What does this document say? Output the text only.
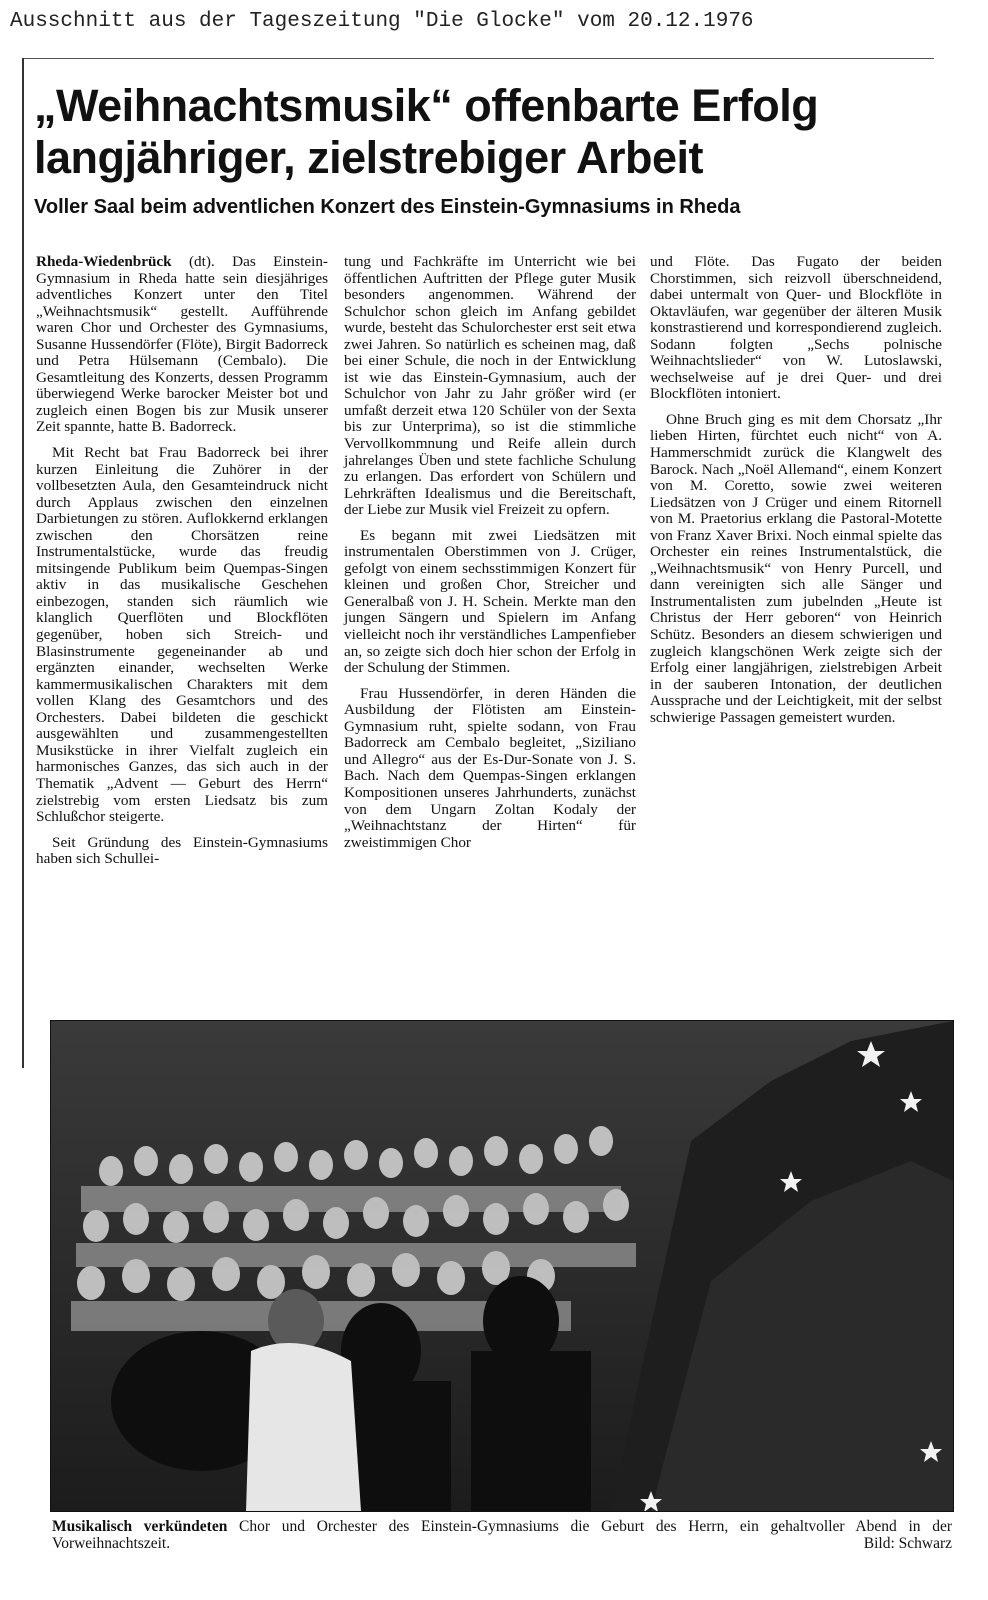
Ausschnitt aus der Tageszeitung "Die Glocke" vom 20.12.1976
„Weihnachtsmusik“ offenbarte Erfolg
langjähriger, zielstrebiger Arbeit
Voller Saal beim adventlichen Konzert des Einstein-Gymnasiums in Rheda

Rheda-Wiedenbrück (dt). Das Einstein-Gymnasium in Rheda hatte sein diesjähriges adventliches Konzert unter den Titel „Weihnachtsmusik“ gestellt. Aufführende waren Chor und Orchester des Gymnasiums, Susanne Hussendörfer (Flöte), Birgit Badorreck und Petra Hülsemann (Cembalo). Die Gesamtleitung des Konzerts, dessen Programm überwiegend Werke barocker Meister bot und zugleich einen Bogen bis zur Musik unserer Zeit spannte, hatte B. Badorreck.

Mit Recht bat Frau Badorreck bei ihrer kurzen Einleitung die Zuhörer in der vollbesetzten Aula, den Gesamteindruck nicht durch Applaus zwischen den einzelnen Darbietungen zu stören. Auflokkernd erklangen zwischen den Chorsätzen reine Instrumentalstücke, wurde das freudig mitsingende Publikum beim Quempas-Singen aktiv in das musikalische Geschehen einbezogen, standen sich räumlich wie klanglich Querflöten und Blockflöten gegenüber, hoben sich Streich- und Blasinstrumente gegeneinander ab und ergänzten einander, wechselten Werke kammermusikalischen Charakters mit dem vollen Klang des Gesamtchors und des Orchesters. Dabei bildeten die geschickt ausgewählten und zusammengestellten Musikstücke in ihrer Vielfalt zugleich ein harmonisches Ganzes, das sich auch in der Thematik „Advent — Geburt des Herrn“ zielstrebig vom ersten Liedsatz bis zum Schlußchor steigerte.

Seit Gründung des Einstein-Gymnasiums haben sich Schullei-

tung und Fachkräfte im Unterricht wie bei öffentlichen Auftritten der Pflege guter Musik besonders angenommen. Während der Schulchor schon gleich im Anfang gebildet wurde, besteht das Schulorchester erst seit etwa zwei Jahren. So natürlich es scheinen mag, daß bei einer Schule, die noch in der Entwicklung ist wie das Einstein-Gymnasium, auch der Schulchor von Jahr zu Jahr größer wird (er umfaßt derzeit etwa 120 Schüler von der Sexta bis zur Unterprima), so ist die stimmliche Vervollkommnung und Reife allein durch jahrelanges Üben und stete fachliche Schulung zu erlangen. Das erfordert von Schülern und Lehrkräften Idealismus und die Bereitschaft, der Liebe zur Musik viel Freizeit zu opfern.

Es begann mit zwei Liedsätzen mit instrumentalen Oberstimmen von J. Crüger, gefolgt von einem sechsstimmigen Konzert für kleinen und großen Chor, Streicher und Generalbaß von J. H. Schein. Merkte man den jungen Sängern und Spielern im Anfang vielleicht noch ihr verständliches Lampenfieber an, so zeigte sich doch hier schon der Erfolg in der Schulung der Stimmen.

Frau Hussendörfer, in deren Händen die Ausbildung der Flötisten am Einstein-Gymnasium ruht, spielte sodann, von Frau Badorreck am Cembalo begleitet, „Siziliano und Allegro“ aus der Es-Dur-Sonate von J. S. Bach. Nach dem Quempas-Singen erklangen Kompositionen unseres Jahrhunderts, zunächst von dem Ungarn Zoltan Kodaly der „Weihnachtstanz der Hirten“ für zweistimmigen Chor

und Flöte. Das Fugato der beiden Chorstimmen, sich reizvoll überschneidend, dabei untermalt von Quer- und Blockflöte in Oktavläufen, war gegenüber der älteren Musik konstrastierend und korrespondierend zugleich. Sodann folgten „Sechs polnische Weihnachtslieder“ von W. Lutoslawski, wechselweise auf je drei Quer- und drei Blockflöten intoniert.

Ohne Bruch ging es mit dem Chorsatz „Ihr lieben Hirten, fürchtet euch nicht“ von A. Hammerschmidt zurück die Klangwelt des Barock. Nach „Noël Allemand“, einem Konzert von M. Coretto, sowie zwei weiteren Liedsätzen von J Crüger und einem Ritornell von M. Praetorius erklang die Pastoral-Motette von Franz Xaver Brixi. Noch einmal spielte das Orchester ein reines Instrumentalstück, die „Weihnachtsmusik“ von Henry Purcell, und dann vereinigten sich alle Sänger und Instrumentalisten zum jubelnden „Heute ist Christus der Herr geboren“ von Heinrich Schütz. Besonders an diesem schwierigen und zugleich klangschönen Werk zeigte sich der Erfolg einer langjährigen, zielstrebigen Arbeit in der sauberen Intonation, der deutlichen Aussprache und der Leichtigkeit, mit der selbst schwierige Passagen gemeistert wurden.

Musikalisch verkündeten Chor und Orchester des Einstein-Gymnasiums die Geburt des Herrn, ein gehaltvoller Abend in der Vorweihnachtszeit.	Bild: Schwarz
